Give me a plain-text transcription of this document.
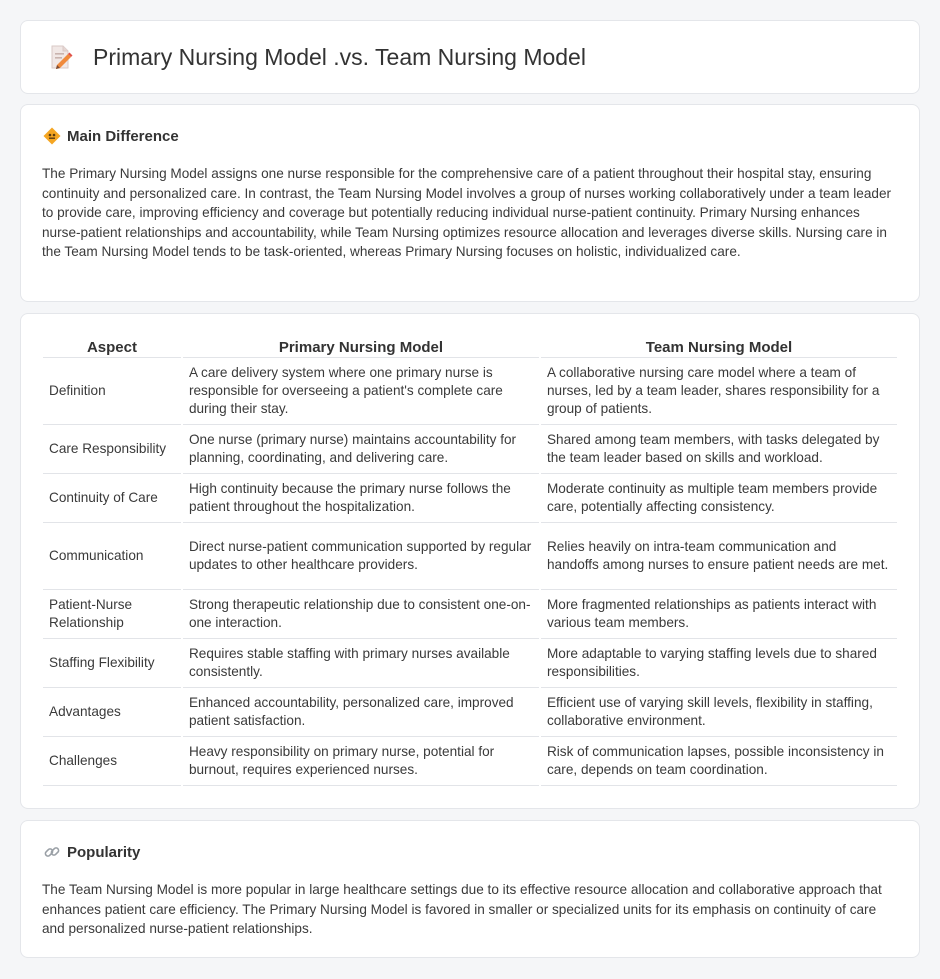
Primary Nursing Model .vs. Team Nursing Model
Main Difference

The Primary Nursing Model assigns one nurse responsible for the comprehensive care of a patient throughout their hospital stay, ensuring continuity and personalized care. In contrast, the Team Nursing Model involves a group of nurses working collaboratively under a team leader to provide care, improving efficiency and coverage but potentially reducing individual nurse-patient continuity. Primary Nursing enhances nurse-patient relationships and accountability, while Team Nursing optimizes resource allocation and leverages diverse skills. Nursing care in the Team Nursing Model tends to be task-oriented, whereas Primary Nursing focuses on holistic, individualized care.

Aspect	Primary Nursing Model	Team Nursing Model
Definition	A care delivery system where one primary nurse is responsible for overseeing a patient's complete care during their stay.	A collaborative nursing care model where a team of nurses, led by a team leader, shares responsibility for a group of patients.
Care Responsibility	One nurse (primary nurse) maintains accountability for planning, coordinating, and delivering care.	Shared among team members, with tasks delegated by the team leader based on skills and workload.
Continuity of Care	High continuity because the primary nurse follows the patient throughout the hospitalization.	Moderate continuity as multiple team members provide care, potentially affecting consistency.
Communication	Direct nurse-patient communication supported by regular updates to other healthcare providers.	Relies heavily on intra-team communication and handoffs among nurses to ensure patient needs are met.
Patient-Nurse Relationship	Strong therapeutic relationship due to consistent one-on-one interaction.	More fragmented relationships as patients interact with various team members.
Staffing Flexibility	Requires stable staffing with primary nurses available consistently.	More adaptable to varying staffing levels due to shared responsibilities.
Advantages	Enhanced accountability, personalized care, improved patient satisfaction.	Efficient use of varying skill levels, flexibility in staffing, collaborative environment.
Challenges	Heavy responsibility on primary nurse, potential for burnout, requires experienced nurses.	Risk of communication lapses, possible inconsistency in care, depends on team coordination.
Popularity

The Team Nursing Model is more popular in large healthcare settings due to its effective resource allocation and collaborative approach that enhances patient care efficiency. The Primary Nursing Model is favored in smaller or specialized units for its emphasis on continuity of care and personalized nurse-patient relationships.
